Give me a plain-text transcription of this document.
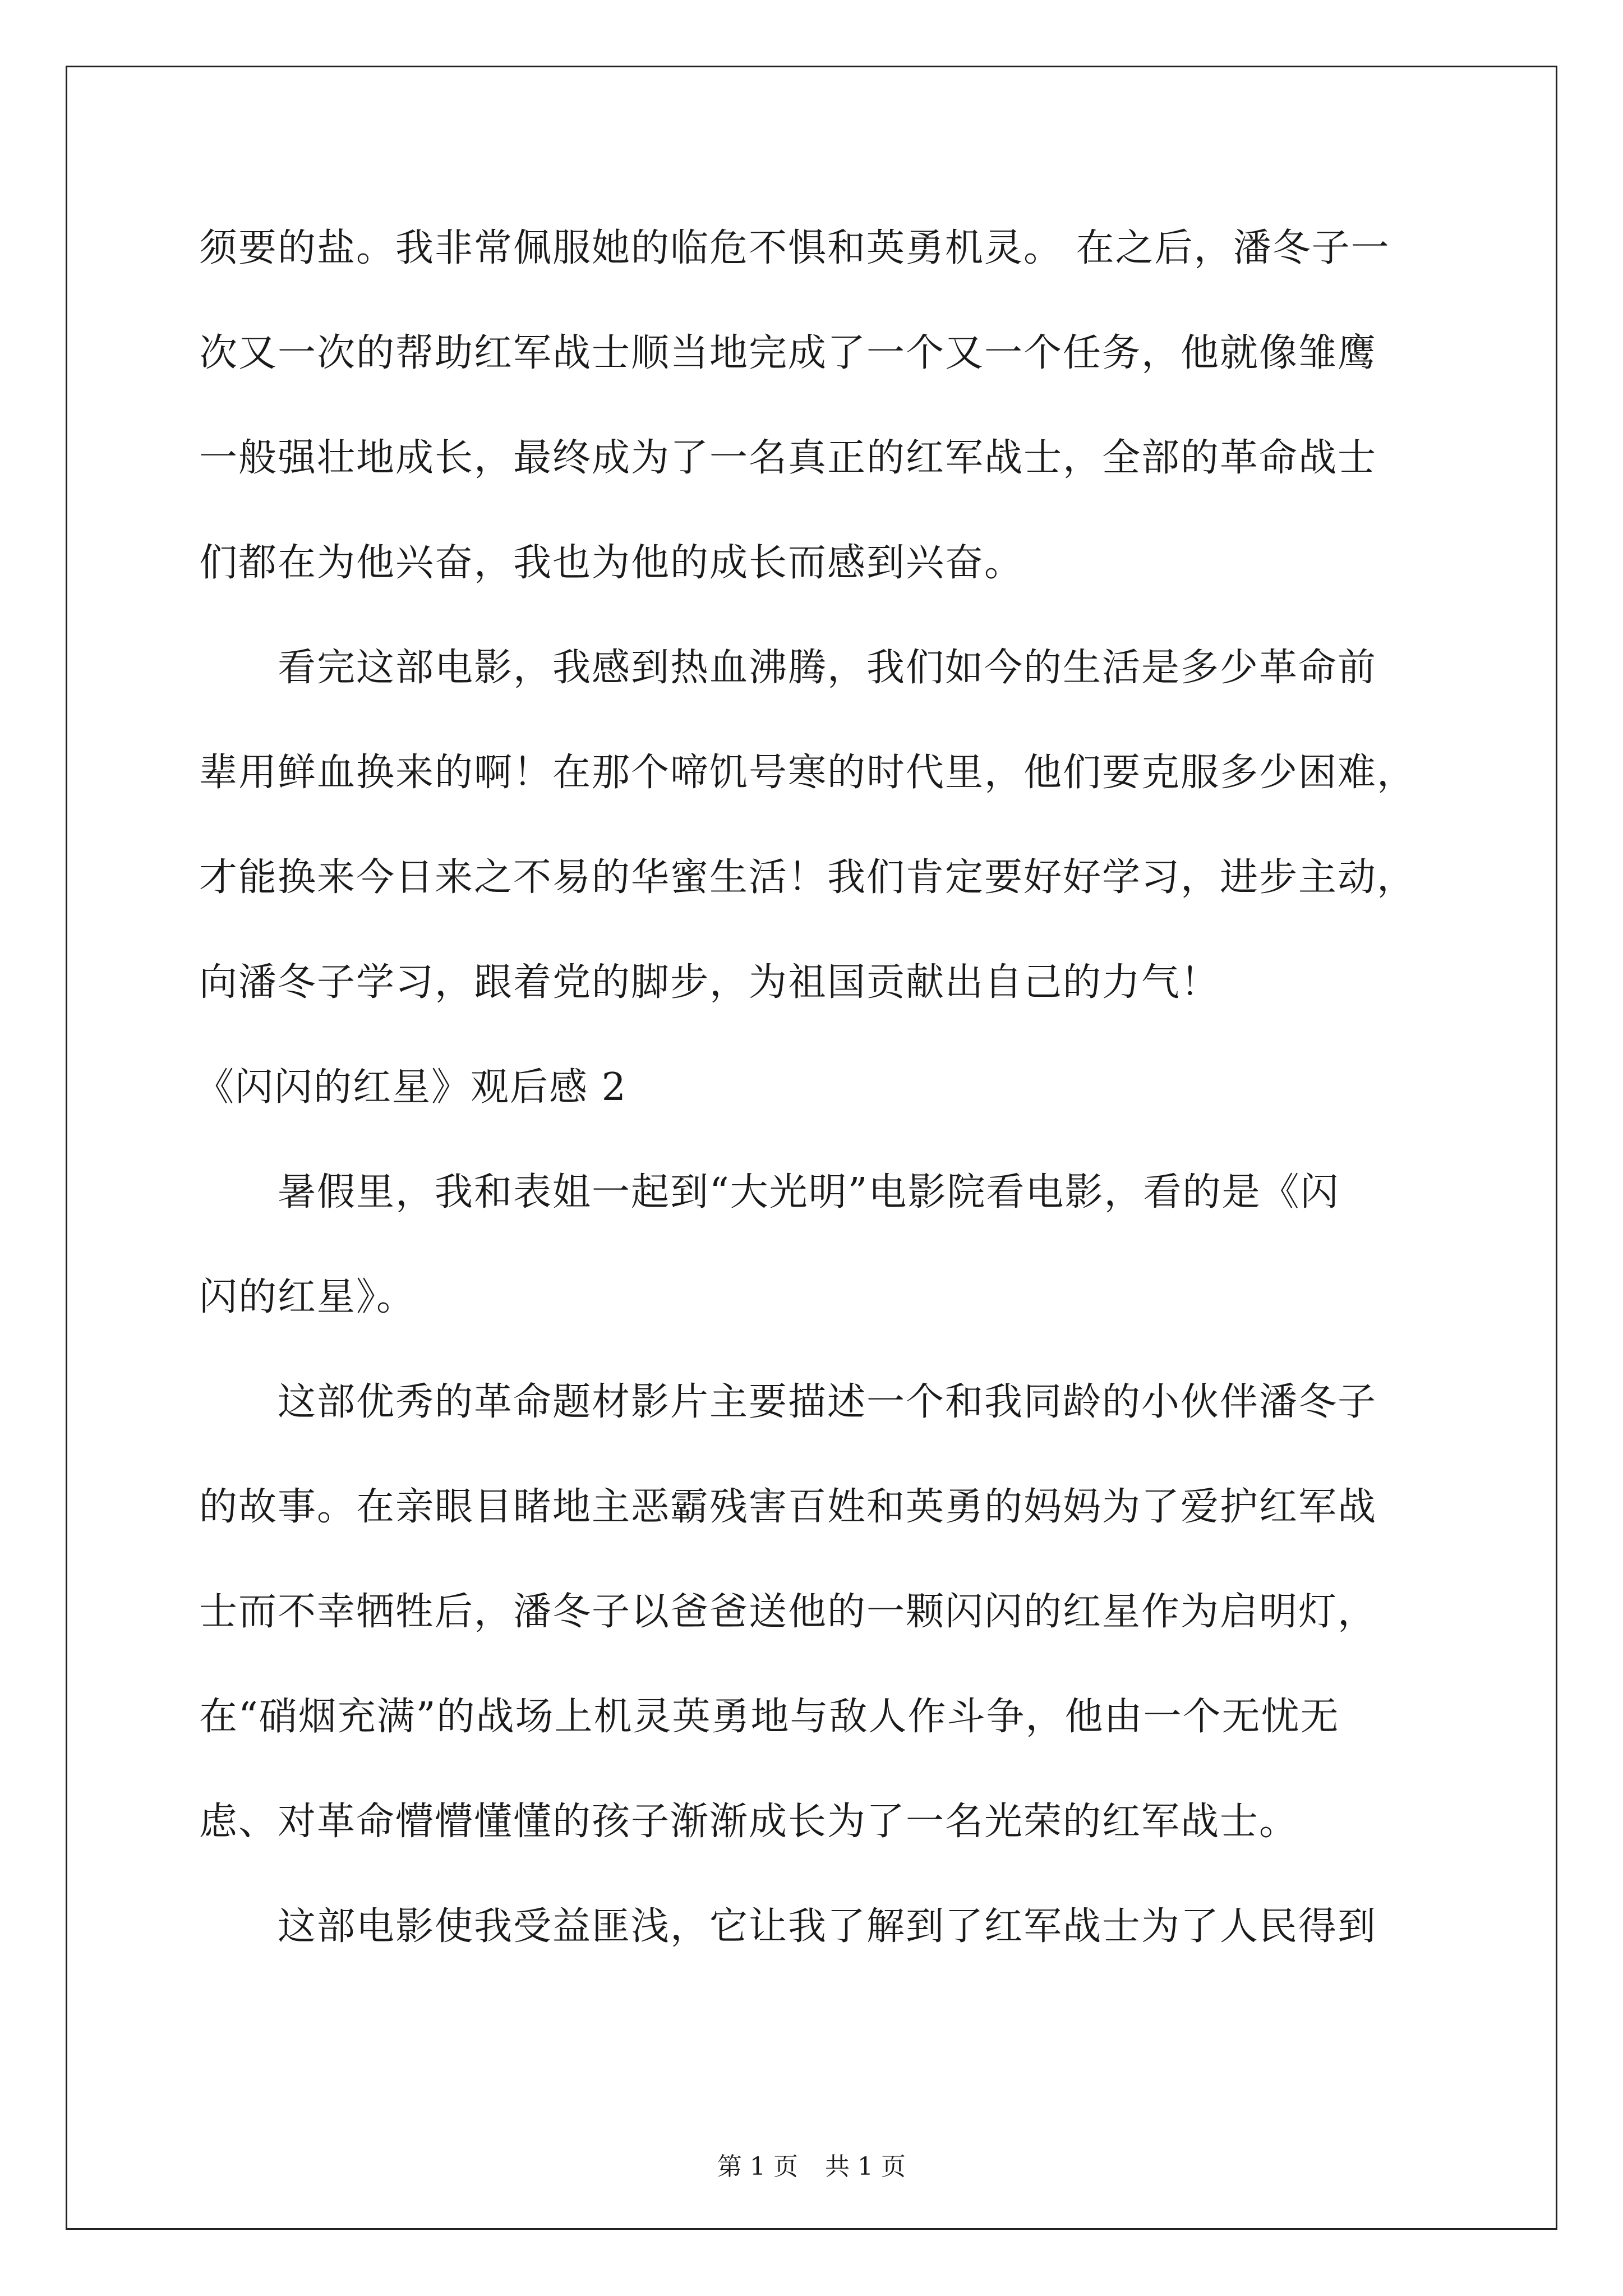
须要的盐。我非常佩服她的临危不惧和英勇机灵。 在之后，潘冬子一
次又一次的帮助红军战士顺当地完成了一个又一个任务，他就像雏鹰
一般强壮地成长，最终成为了一名真正的红军战士，全部的革命战士
们都在为他兴奋，我也为他的成长而感到兴奋。
看完这部电影，我感到热血沸腾，我们如今的生活是多少革命前
辈用鲜血换来的啊！在那个啼饥号寒的时代里，他们要克服多少困难，
才能换来今日来之不易的华蜜生活！我们肯定要好好学习，进步主动，
向潘冬子学习，跟着党的脚步，为祖国贡献出自己的力气！
《闪闪的红星》观后感 2
暑假里，我和表姐一起到“大光明”电影院看电影，看的是《闪
闪的红星》。
这部优秀的革命题材影片主要描述一个和我同龄的小伙伴潘冬子
的故事。在亲眼目睹地主恶霸残害百姓和英勇的妈妈为了爱护红军战
士而不幸牺牲后，潘冬子以爸爸送他的一颗闪闪的红星作为启明灯，
在“硝烟充满”的战场上机灵英勇地与敌人作斗争，他由一个无忧无
虑、对革命懵懵懂懂的孩子渐渐成长为了一名光荣的红军战士。
这部电影使我受益匪浅，它让我了解到了红军战士为了人民得到
第 1 页 共 1 页
